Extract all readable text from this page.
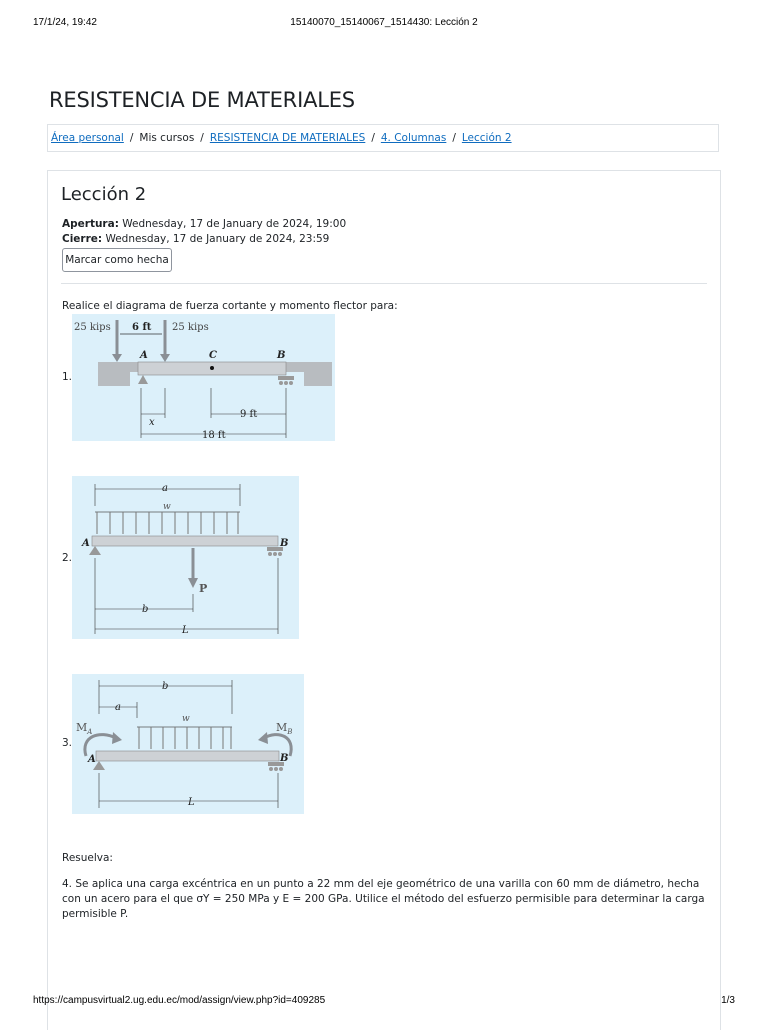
17/1/24, 19:42	15140070_15140067_1514430: Lección 2
RESISTENCIA DE MATERIALES
Área personal / Mis cursos / RESISTENCIA DE MATERIALES / 4. Columnas / Lección 2
Lección 2
Apertura: Wednesday, 17 de January de 2024, 19:00
Cierre: Wednesday, 17 de January de 2024, 23:59
Marcar como hecha
Realice el diagrama de fuerza cortante y momento flector para:
1.
25 kips	25 kips
6 ft
A	C	B
x
9 ft
18 ft
2.
a
w
A	B
P
b
L
3.
b
a
w
A	B
$M_A$	$M_B$
L
Resuelva:
4. Se aplica una carga excéntrica en un punto a 22 mm del eje geométrico de una varilla con 60 mm de diámetro, hecha con un acero para el que σY = 250 MPa y E = 200 GPa. Utilice el método del esfuerzo permisible para determinar la carga permisible P.
https://campusvirtual2.ug.edu.ec/mod/assign/view.php?id=409285	1/3
